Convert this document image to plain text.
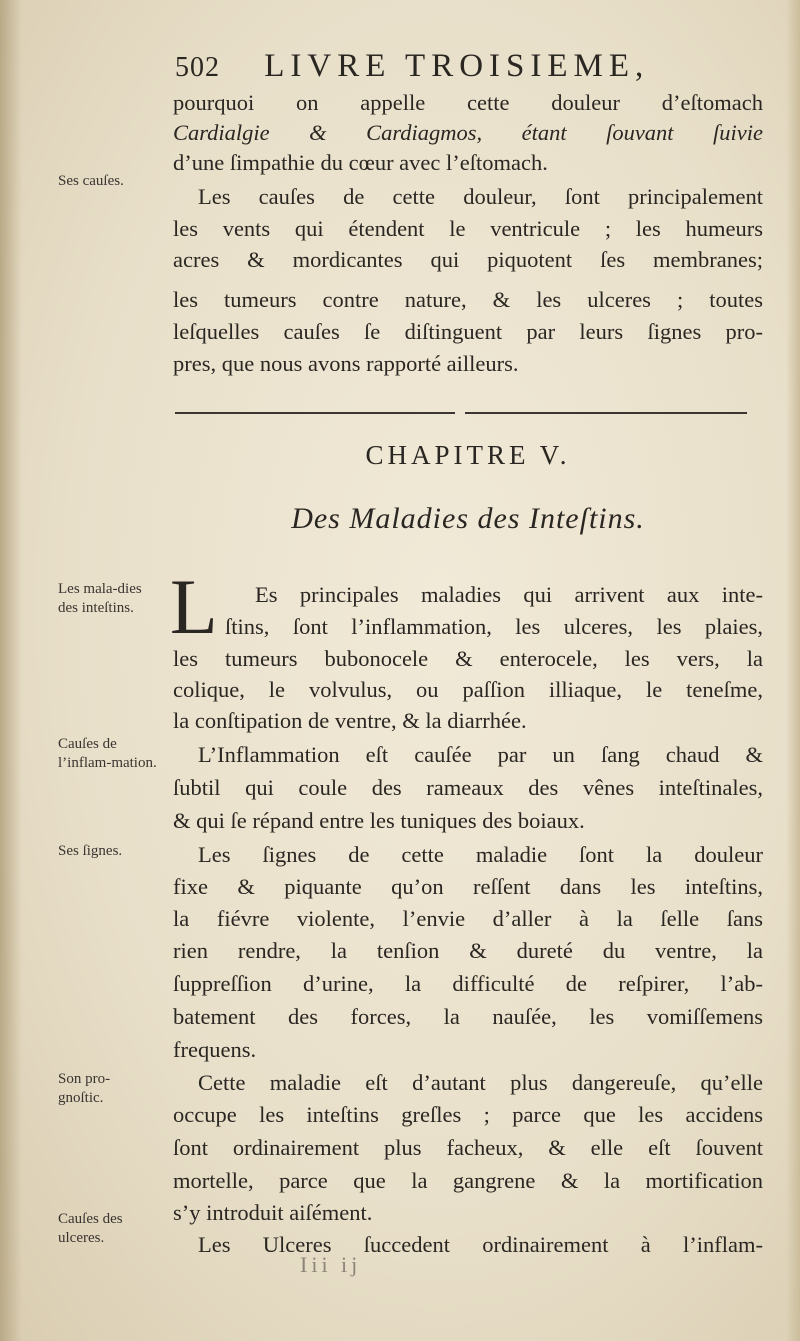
502 LIVRE TROISIEME,
pourquoi on appelle cette douleur d’eſtomach
Cardialgie & Cardiagmos, étant ſouvant ſuivie
d’une ſimpathie du cœur avec l’eſtomach.
Les cauſes de cette douleur, ſont principalement
les vents qui étendent le ventricule ; les humeurs
acres & mordicantes qui piquotent ſes membranes;
les tumeurs contre nature, & les ulceres ; toutes
leſquelles cauſes ſe diſtinguent par leurs ſignes pro-
pres, que nous avons rapporté ailleurs.
CHAPITRE V.
Des Maladies des Inteſtins.
L Es principales maladies qui arrivent aux inte-
ſtins, ſont l’inflammation, les ulceres, les plaies,
les tumeurs bubonocele & enterocele, les vers, la
colique, le volvulus, ou paſſion illiaque, le teneſme,
la conſtipation de ventre, & la diarrhée.
L’Inflammation eſt cauſée par un ſang chaud &
ſubtil qui coule des rameaux des vênes inteſtinales,
& qui ſe répand entre les tuniques des boiaux.
Les ſignes de cette maladie ſont la douleur
fixe & piquante qu’on reſſent dans les inteſtins,
la fiévre violente, l’envie d’aller à la ſelle ſans
rien rendre, la tenſion & dureté du ventre, la
ſuppreſſion d’urine, la difficulté de reſpirer, l’ab-
batement des forces, la nauſée, les vomiſſemens
frequens.
Cette maladie eſt d’autant plus dangereuſe, qu’elle
occupe les inteſtins greſles ; parce que les accidens
ſont ordinairement plus facheux, & elle eſt ſouvent
mortelle, parce que la gangrene & la mortification
s’y introduit aiſément.
Les Ulceres ſuccedent ordinairement à l’inflam-
Ses cauſes.
Les mala-dies des inteſtins.
Cauſes de l’inflam-mation.
Ses ſignes.
Son pro-gnoſtic.
Cauſes des ulceres.
Iii ij
